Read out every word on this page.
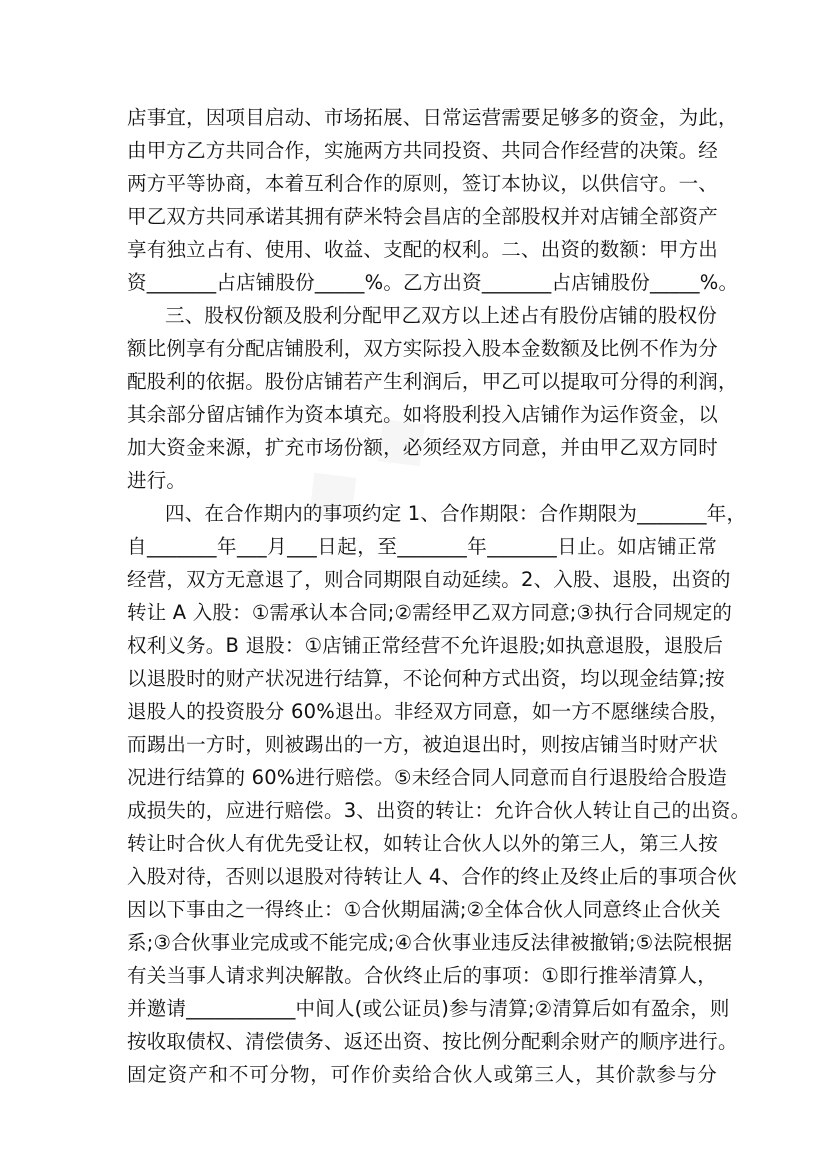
◆ ◆
店事宜，因项目启动、市场拓展、日常运营需要足够多的资金，为此，
由甲方乙方共同合作，实施两方共同投资、共同合作经营的决策。经
两方平等协商，本着互利合作的原则，签订本协议，以供信守。一、
甲乙双方共同承诺其拥有萨米特会昌店的全部股权并对店铺全部资产
享有独立占有、使用、收益、支配的权利。二、出资的数额：甲方出
资_______占店铺股份_____%。乙方出资_______占店铺股份_____%。
三、股权份额及股利分配甲乙双方以上述占有股份店铺的股权份
额比例享有分配店铺股利，双方实际投入股本金数额及比例不作为分
配股利的依据。股份店铺若产生利润后，甲乙可以提取可分得的利润，
其余部分留店铺作为资本填充。如将股利投入店铺作为运作资金，以
加大资金来源，扩充市场份额，必须经双方同意，并由甲乙双方同时
进行。
四、在合作期内的事项约定 1、合作期限：合作期限为_______年，
自_______年___月___日起，至_______年_______日止。如店铺正常
经营，双方无意退了，则合同期限自动延续。2、入股、退股，出资的
转让 A 入股：①需承认本合同;②需经甲乙双方同意;③执行合同规定的
权利义务。B 退股：①店铺正常经营不允许退股;如执意退股，退股后
以退股时的财产状况进行结算，不论何种方式出资，均以现金结算;按
退股人的投资股分 60%退出。非经双方同意，如一方不愿继续合股，
而踢出一方时，则被踢出的一方，被迫退出时，则按店铺当时财产状
况进行结算的 60%进行赔偿。⑤未经合同人同意而自行退股给合股造
成损失的，应进行赔偿。3、出资的转让：允许合伙人转让自己的出资。
转让时合伙人有优先受让权，如转让合伙人以外的第三人，第三人按
入股对待，否则以退股对待转让人 4、合作的终止及终止后的事项合伙
因以下事由之一得终止：①合伙期届满;②全体合伙人同意终止合伙关
系;③合伙事业完成或不能完成;④合伙事业违反法律被撤销;⑤法院根据
有关当事人请求判决解散。合伙终止后的事项：①即行推举清算人，
并邀请___________中间人(或公证员)参与清算;②清算后如有盈余，则
按收取债权、清偿债务、返还出资、按比例分配剩余财产的顺序进行。
固定资产和不可分物，可作价卖给合伙人或第三人，其价款参与分
